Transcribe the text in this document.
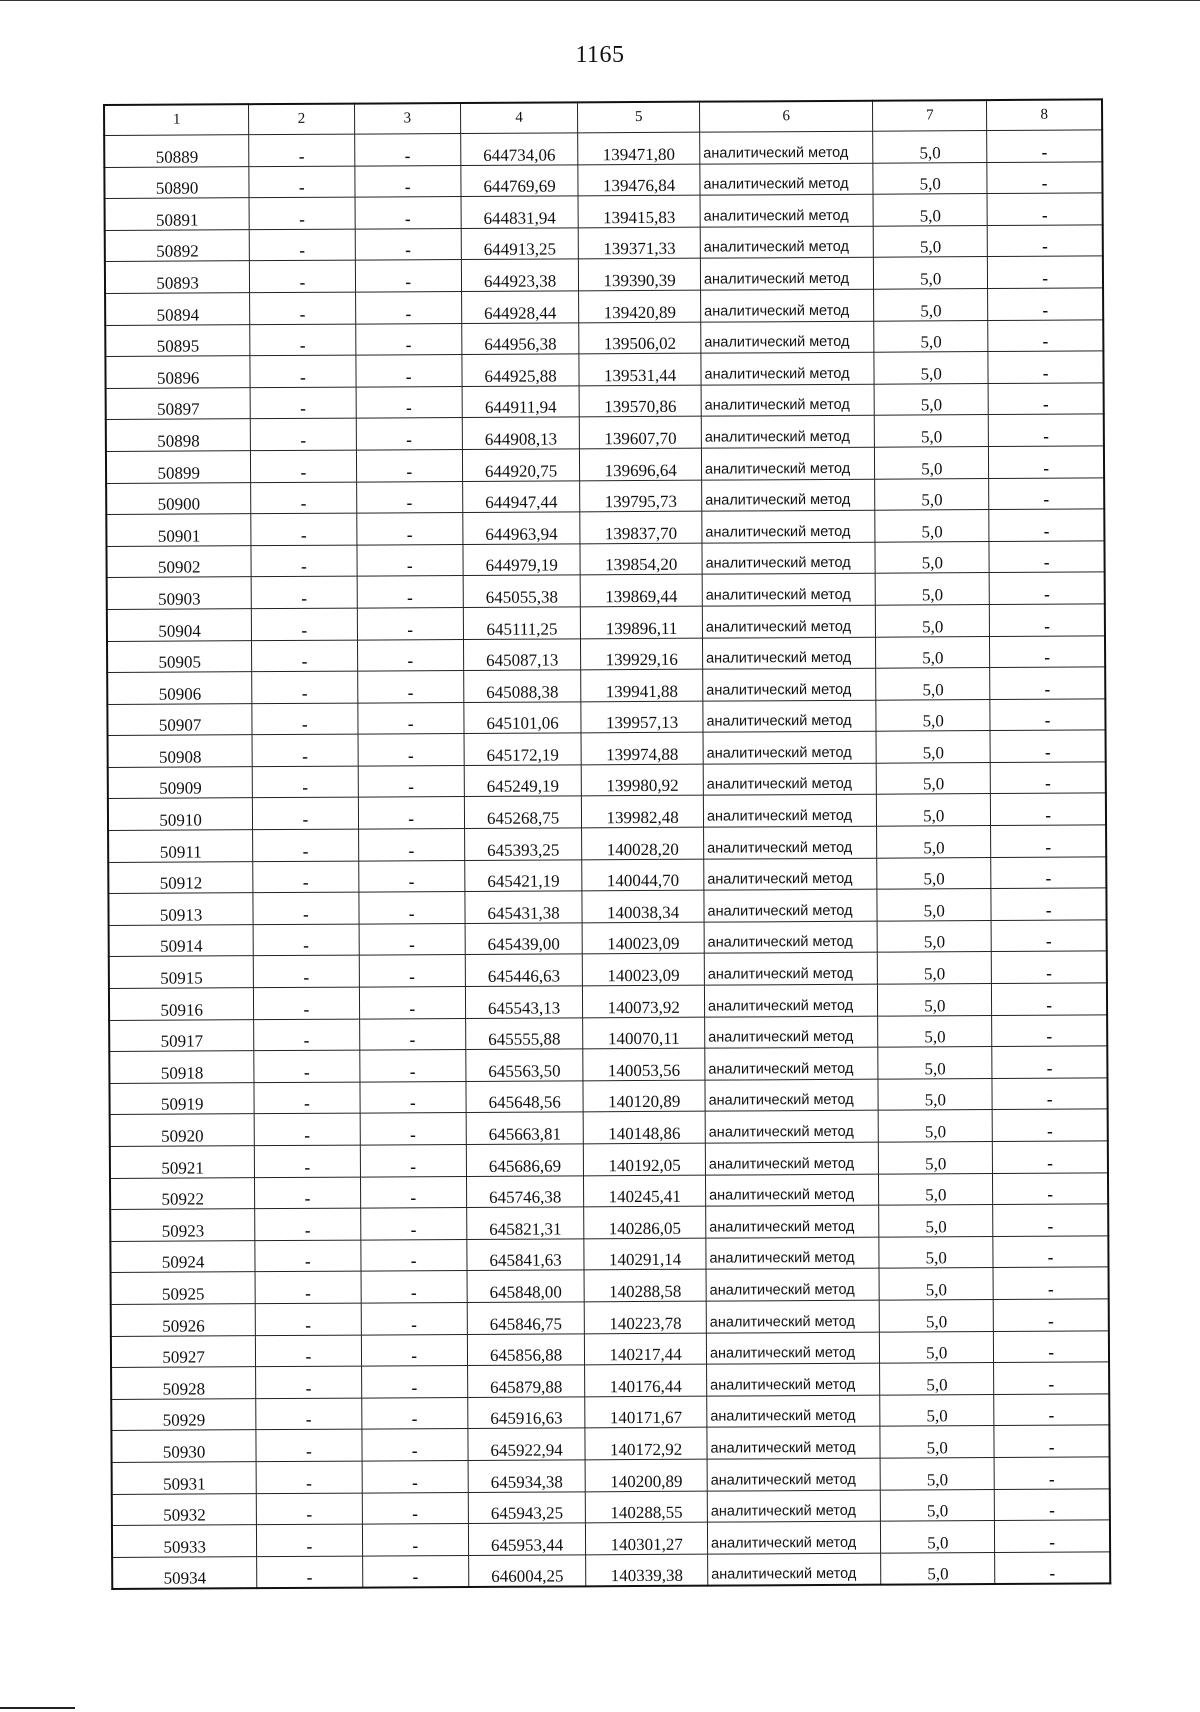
1165
1	2	3	4	5	6	7	8
50889	-	-	644734,06	139471,80	аналитический метод	5,0	-
50890	-	-	644769,69	139476,84	аналитический метод	5,0	-
50891	-	-	644831,94	139415,83	аналитический метод	5,0	-
50892	-	-	644913,25	139371,33	аналитический метод	5,0	-
50893	-	-	644923,38	139390,39	аналитический метод	5,0	-
50894	-	-	644928,44	139420,89	аналитический метод	5,0	-
50895	-	-	644956,38	139506,02	аналитический метод	5,0	-
50896	-	-	644925,88	139531,44	аналитический метод	5,0	-
50897	-	-	644911,94	139570,86	аналитический метод	5,0	-
50898	-	-	644908,13	139607,70	аналитический метод	5,0	-
50899	-	-	644920,75	139696,64	аналитический метод	5,0	-
50900	-	-	644947,44	139795,73	аналитический метод	5,0	-
50901	-	-	644963,94	139837,70	аналитический метод	5,0	-
50902	-	-	644979,19	139854,20	аналитический метод	5,0	-
50903	-	-	645055,38	139869,44	аналитический метод	5,0	-
50904	-	-	645111,25	139896,11	аналитический метод	5,0	-
50905	-	-	645087,13	139929,16	аналитический метод	5,0	-
50906	-	-	645088,38	139941,88	аналитический метод	5,0	-
50907	-	-	645101,06	139957,13	аналитический метод	5,0	-
50908	-	-	645172,19	139974,88	аналитический метод	5,0	-
50909	-	-	645249,19	139980,92	аналитический метод	5,0	-
50910	-	-	645268,75	139982,48	аналитический метод	5,0	-
50911	-	-	645393,25	140028,20	аналитический метод	5,0	-
50912	-	-	645421,19	140044,70	аналитический метод	5,0	-
50913	-	-	645431,38	140038,34	аналитический метод	5,0	-
50914	-	-	645439,00	140023,09	аналитический метод	5,0	-
50915	-	-	645446,63	140023,09	аналитический метод	5,0	-
50916	-	-	645543,13	140073,92	аналитический метод	5,0	-
50917	-	-	645555,88	140070,11	аналитический метод	5,0	-
50918	-	-	645563,50	140053,56	аналитический метод	5,0	-
50919	-	-	645648,56	140120,89	аналитический метод	5,0	-
50920	-	-	645663,81	140148,86	аналитический метод	5,0	-
50921	-	-	645686,69	140192,05	аналитический метод	5,0	-
50922	-	-	645746,38	140245,41	аналитический метод	5,0	-
50923	-	-	645821,31	140286,05	аналитический метод	5,0	-
50924	-	-	645841,63	140291,14	аналитический метод	5,0	-
50925	-	-	645848,00	140288,58	аналитический метод	5,0	-
50926	-	-	645846,75	140223,78	аналитический метод	5,0	-
50927	-	-	645856,88	140217,44	аналитический метод	5,0	-
50928	-	-	645879,88	140176,44	аналитический метод	5,0	-
50929	-	-	645916,63	140171,67	аналитический метод	5,0	-
50930	-	-	645922,94	140172,92	аналитический метод	5,0	-
50931	-	-	645934,38	140200,89	аналитический метод	5,0	-
50932	-	-	645943,25	140288,55	аналитический метод	5,0	-
50933	-	-	645953,44	140301,27	аналитический метод	5,0	-
50934	-	-	646004,25	140339,38	аналитический метод	5,0	-
